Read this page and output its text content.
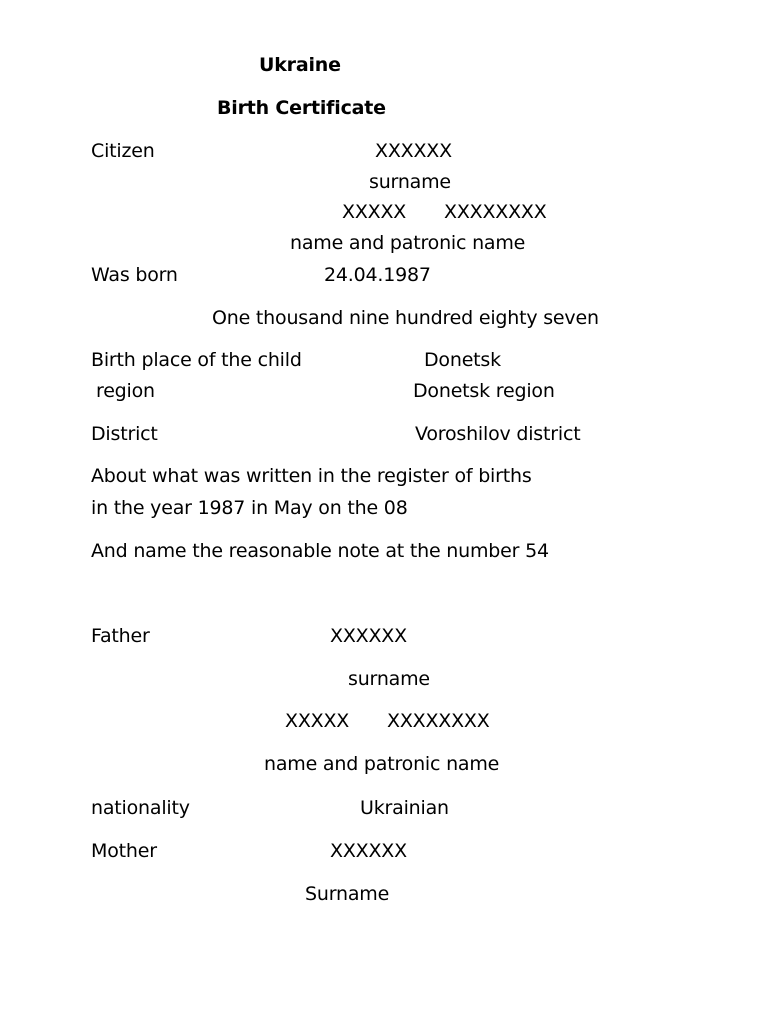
Ukraine
Birth Certificate
Citizen	XXXXXX
surname
XXXXX XXXXXXXX
name and patronic name
Was born	24.04.1987
One thousand nine hundred eighty seven
Birth place of the child	Donetsk
region	Donetsk region
District	Voroshilov district
About what was written in the register of births
in the year 1987 in May on the 08
And name the reasonable note at the number 54
Father	XXXXXX
surname
XXXXX XXXXXXXX
name and patronic name
nationality	Ukrainian
Mother	XXXXXX
Surname
